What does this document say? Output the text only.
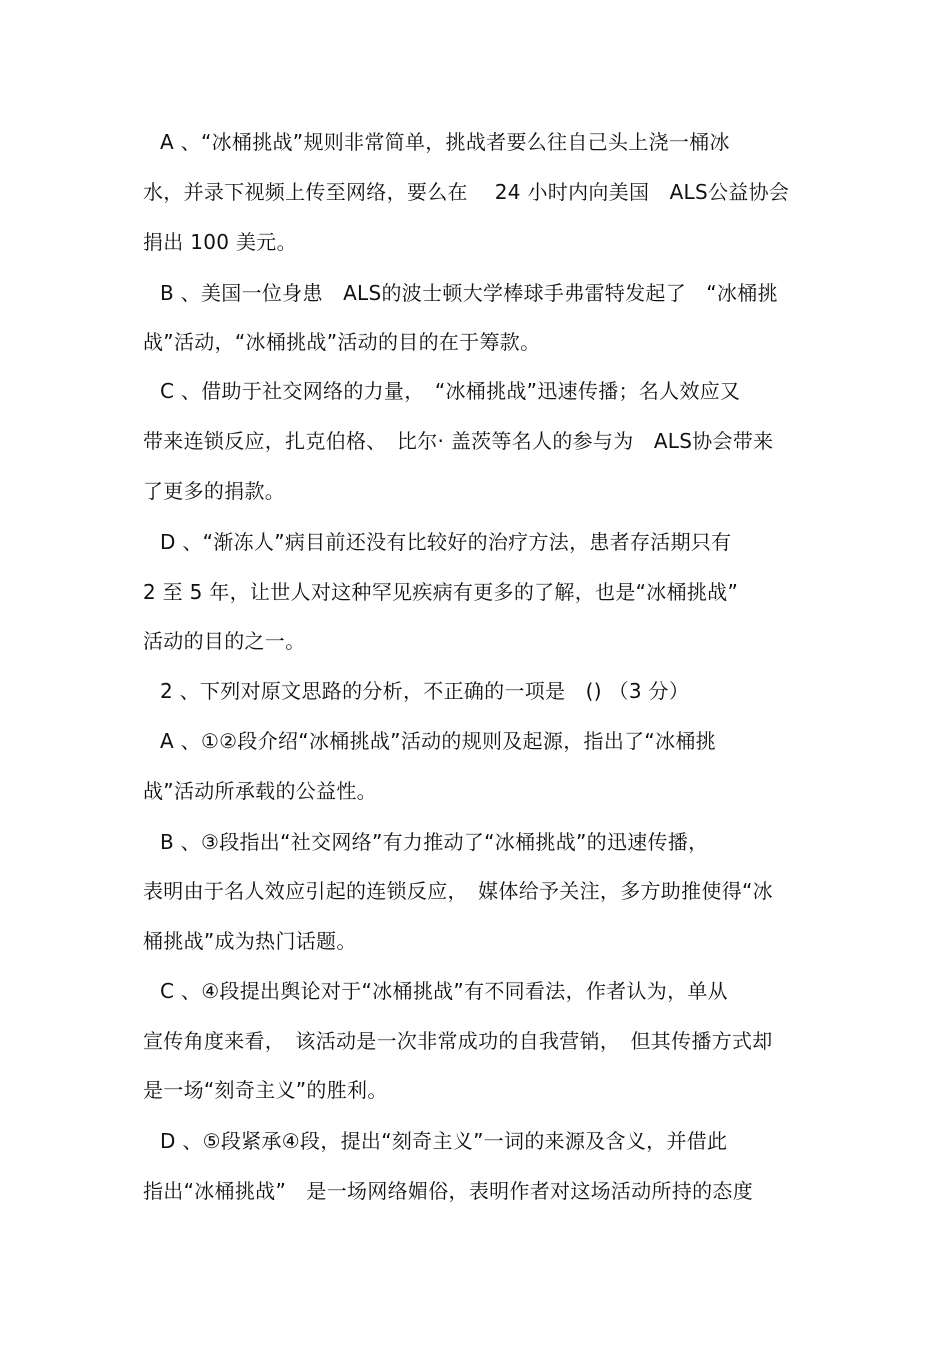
A 、“冰桶挑战”规则非常简单，挑战者要么往自己头上浇一桶冰
水，并录下视频上传至网络，要么在　 24 小时内向美国　ALS公益协会
捐出 100 美元。
B 、美国一位身患　ALS的波士顿大学棒球手弗雷特发起了　“冰桶挑
战”活动，“冰桶挑战”活动的目的在于筹款。
C 、借助于社交网络的力量，　“冰桶挑战”迅速传播；名人效应又
带来连锁反应，扎克伯格、　比尔· 盖茨等名人的参与为　ALS协会带来
了更多的捐款。
D 、“渐冻人”病目前还没有比较好的治疗方法，患者存活期只有
2 至 5 年，让世人对这种罕见疾病有更多的了解，也是“冰桶挑战”
活动的目的之一。
2 、下列对原文思路的分析，不正确的一项是　() （3 分）
A 、①②段介绍“冰桶挑战”活动的规则及起源，指出了“冰桶挑
战”活动所承载的公益性。
B 、③段指出“社交网络”有力推动了“冰桶挑战”的迅速传播，
表明由于名人效应引起的连锁反应，　媒体给予关注，多方助推使得“冰
桶挑战”成为热门话题。
C 、④段提出舆论对于“冰桶挑战”有不同看法，作者认为，单从
宣传角度来看，　该活动是一次非常成功的自我营销，　但其传播方式却
是一场“刻奇主义”的胜利。
D 、⑤段紧承④段，提出“刻奇主义”一词的来源及含义，并借此
指出“冰桶挑战”　是一场网络媚俗，表明作者对这场活动所持的态度
